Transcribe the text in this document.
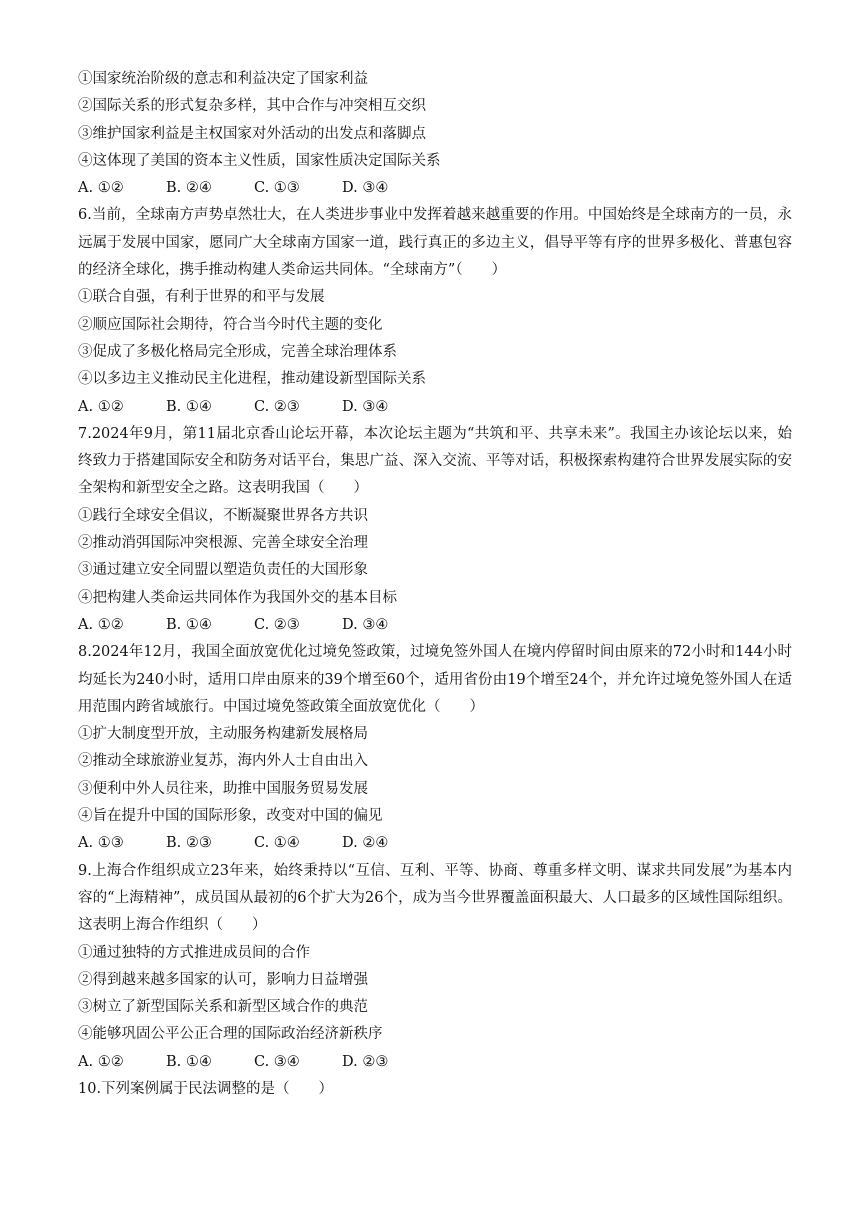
①国家统治阶级的意志和利益决定了国家利益
②国际关系的形式复杂多样，其中合作与冲突相互交织
③维护国家利益是主权国家对外活动的出发点和落脚点
④这体现了美国的资本主义性质，国家性质决定国际关系
A. ①②	B. ②④	C. ①③	D. ③④
6.当前，全球南方声势卓然壮大，在人类进步事业中发挥着越来越重要的作用。中国始终是全球南方的一员，永远属于发展中国家，愿同广大全球南方国家一道，践行真正的多边主义，倡导平等有序的世界多极化、普惠包容的经济全球化，携手推动构建人类命运共同体。“全球南方”（　　）
①联合自强，有利于世界的和平与发展
②顺应国际社会期待，符合当今时代主题的变化
③促成了多极化格局完全形成，完善全球治理体系
④以多边主义推动民主化进程，推动建设新型国际关系
A. ①②	B. ①④	C. ②③	D. ③④
7.2024年9月，第11届北京香山论坛开幕，本次论坛主题为“共筑和平、共享未来”。我国主办该论坛以来，始终致力于搭建国际安全和防务对话平台，集思广益、深入交流、平等对话，积极探索构建符合世界发展实际的安全架构和新型安全之路。这表明我国（　　）
①践行全球安全倡议，不断凝聚世界各方共识
②推动消弭国际冲突根源、完善全球安全治理
③通过建立安全同盟以塑造负责任的大国形象
④把构建人类命运共同体作为我国外交的基本目标
A. ①②	B. ①④	C. ②③	D. ③④
8.2024年12月，我国全面放宽优化过境免签政策，过境免签外国人在境内停留时间由原来的72小时和144小时均延长为240小时，适用口岸由原来的39个增至60个，适用省份由19个增至24个，并允许过境免签外国人在适用范围内跨省域旅行。中国过境免签政策全面放宽优化（　　）
①扩大制度型开放，主动服务构建新发展格局
②推动全球旅游业复苏，海内外人士自由出入
③便利中外人员往来，助推中国服务贸易发展
④旨在提升中国的国际形象，改变对中国的偏见
A. ①③	B. ②③	C. ①④	D. ②④
9.上海合作组织成立23年来，始终秉持以“互信、互利、平等、协商、尊重多样文明、谋求共同发展”为基本内容的“上海精神”，成员国从最初的6个扩大为26个，成为当今世界覆盖面积最大、人口最多的区域性国际组织。这表明上海合作组织（　　）
①通过独特的方式推进成员间的合作
②得到越来越多国家的认可，影响力日益增强
③树立了新型国际关系和新型区域合作的典范
④能够巩固公平公正合理的国际政治经济新秩序
A. ①②	B. ①④	C. ③④	D. ②③
10.下列案例属于民法调整的是（　　）
